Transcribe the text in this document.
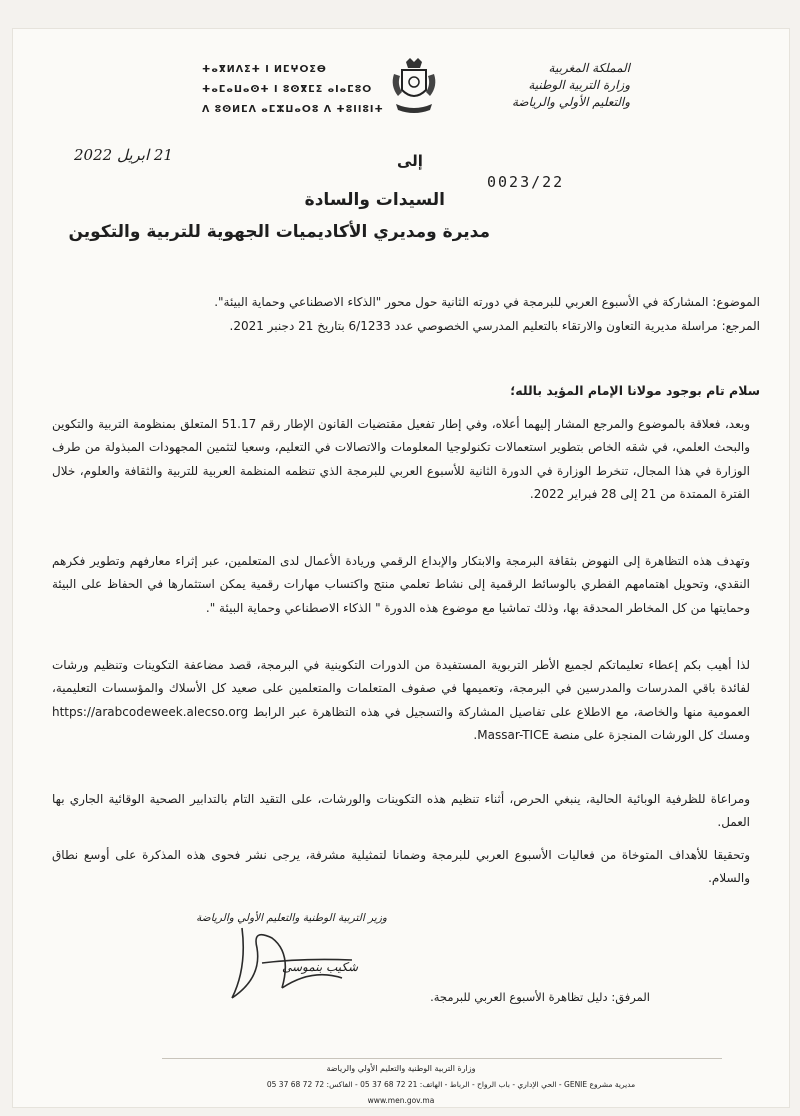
المملكة المغربية
وزارة التربية الوطنية
والتعليم الأولي والرياضة
ⵜⴰⴳⵍⴷⵉⵜ ⵏ ⵍⵎⵖⵔⵉⴱ
ⵜⴰⵎⴰⵡⴰⵙⵜ ⵏ ⵓⵙⴳⵎⵉ ⴰⵏⴰⵎⵓⵔ
ⴷ ⵓⵙⵍⵎⴷ ⴰⵎⵣⵡⴰⵔⵓ ⴷ ⵜⵓⵏⵏⵓⵏⵜ
21 ابريل 2022
0023/22
إلى
السيدات والسادة
مديرة ومديري الأكاديميات الجهوية للتربية والتكوين
الموضوع: المشاركة في الأسبوع العربي للبرمجة في دورته الثانية حول محور "الذكاء الاصطناعي وحماية البيئة".
المرجع: مراسلة مديرية التعاون والارتقاء بالتعليم المدرسي الخصوصي عدد 6/1233 بتاريخ 21 دجنبر 2021.
سلام تام بوجود مولانا الإمام المؤيد بالله؛
وبعد، فعلاقة بالموضوع والمرجع المشار إليهما أعلاه، وفي إطار تفعيل مقتضيات القانون الإطار رقم 51.17 المتعلق بمنظومة التربية والتكوين والبحث العلمي، في شقه الخاص بتطوير استعمالات تكنولوجيا المعلومات والاتصالات في التعليم، وسعيا لتثمين المجهودات المبذولة من طرف الوزارة في هذا المجال، تنخرط الوزارة في الدورة الثانية للأسبوع العربي للبرمجة الذي تنظمه المنظمة العربية للتربية والثقافة والعلوم، خلال الفترة الممتدة من 21 إلى 28 فبراير 2022.
وتهدف هذه التظاهرة إلى النهوض بثقافة البرمجة والابتكار والإبداع الرقمي وريادة الأعمال لدى المتعلمين، عبر إثراء معارفهم وتطوير فكرهم النقدي، وتحويل اهتمامهم الفطري بالوسائط الرقمية إلى نشاط تعلمي منتج واكتساب مهارات رقمية يمكن استثمارها في الحفاظ على البيئة وحمايتها من كل المخاطر المحدقة بها، وذلك تماشيا مع موضوع هذه الدورة " الذكاء الاصطناعي وحماية البيئة ".
لذا أهيب بكم إعطاء تعليماتكم لجميع الأطر التربوية المستفيدة من الدورات التكوينية في البرمجة، قصد مضاعفة التكوينات وتنظيم ورشات لفائدة باقي المدرسات والمدرسين في البرمجة، وتعميمها في صفوف المتعلمات والمتعلمين على صعيد كل الأسلاك والمؤسسات التعليمية، العمومية منها والخاصة، مع الاطلاع على تفاصيل المشاركة والتسجيل في هذه التظاهرة عبر الرابط https://arabcodeweek.alecso.org ومسك كل الورشات المنجزة على منصة Massar-TICE.
ومراعاة للظرفية الوبائية الحالية، ينبغي الحرص، أثناء تنظيم هذه التكوينات والورشات، على التقيد التام بالتدابير الصحية الوقائية الجاري بها العمل.
وتحقيقا للأهداف المتوخاة من فعاليات الأسبوع العربي للبرمجة وضمانا لتمثيلية مشرفة، يرجى نشر فحوى هذه المذكرة على أوسع نطاق والسلام.
وزير التربية الوطنية والتعليم الأولي والرياضة
شكيب بنموسى
المرفق: دليل تظاهرة الأسبوع العربي للبرمجة.
وزارة التربية الوطنية والتعليم الأولي والرياضة
مديرية مشروع GENIE - الحي الإداري - باب الرواح - الرباط - الهاتف: 21 72 68 37 05 - الفاكس: 72 72 68 37 05
www.men.gov.ma
